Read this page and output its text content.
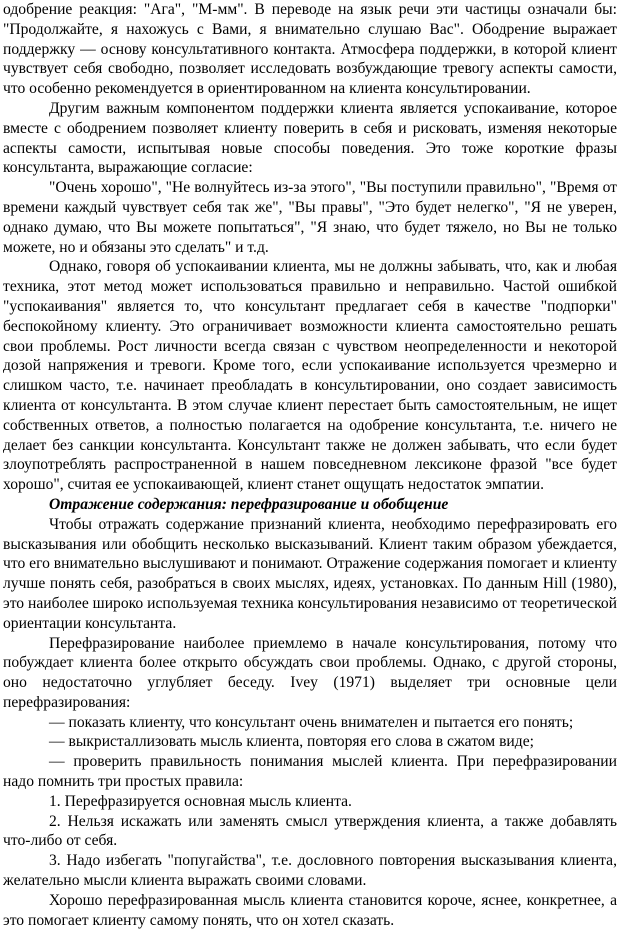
одобрение реакция: "Ага", "М-мм". В переводе на язык речи эти частицы означали бы: "Продолжайте, я нахожусь с Вами, я внимательно слушаю Вас". Ободрение выражает поддержку — основу консультативного контакта. Атмосфера поддержки, в которой клиент чувствует себя свободно, позволяет исследовать возбуждающие тревогу аспекты самости, что особенно рекомендуется в ориентированном на клиента консультировании.

Другим важным компонентом поддержки клиента является успокаивание, которое вместе с ободрением позволяет клиенту поверить в себя и рисковать, изменяя некоторые аспекты самости, испытывая новые способы поведения. Это тоже короткие фразы консультанта, выражающие согласие:

"Очень хорошо", "Не волнуйтесь из-за этого", "Вы поступили правильно", "Время от времени каждый чувствует себя так же", "Вы правы", "Это будет нелегко", "Я не уверен, однако думаю, что Вы можете попытаться", "Я знаю, что будет тяжело, но Вы не только можете, но и обязаны это сделать" и т.д.

Однако, говоря об успокаивании клиента, мы не должны забывать, что, как и любая техника, этот метод может использоваться правильно и неправильно. Частой ошибкой "успокаивания" является то, что консультант предлагает себя в качестве "подпорки" беспокойному клиенту. Это ограничивает возможности клиента самостоятельно решать свои проблемы. Рост личности всегда связан с чувством неопределенности и некоторой дозой напряжения и тревоги. Кроме того, если успокаивание используется чрезмерно и слишком часто, т.е. начинает преобладать в консультировании, оно создает зависимость клиента от консультанта. В этом случае клиент перестает быть самостоятельным, не ищет собственных ответов, а полностью полагается на одобрение консультанта, т.е. ничего не делает без санкции консультанта. Консультант также не должен забывать, что если будет злоупотреблять распространенной в нашем повседневном лексиконе фразой "все будет хорошо", считая ее успокаивающей, клиент станет ощущать недостаток эмпатии.

Отражение содержания: перефразирование и обобщение

Чтобы отражать содержание признаний клиента, необходимо перефразировать его высказывания или обобщить несколько высказываний. Клиент таким образом убеждается, что его внимательно выслушивают и понимают. Отражение содержания помогает и клиенту лучше понять себя, разобраться в своих мыслях, идеях, установках. По данным Hill (1980), это наиболее широко используемая техника консультирования независимо от теоретической ориентации консультанта.

Перефразирование наиболее приемлемо в начале консультирования, потому что побуждает клиента более открыто обсуждать свои проблемы. Однако, с другой стороны, оно недостаточно углубляет беседу. Ivey (1971) выделяет три основные цели перефразирования:

— показать клиенту, что консультант очень внимателен и пытается его понять;

— выкристаллизовать мысль клиента, повторяя его слова в сжатом виде;

— проверить правильность понимания мыслей клиента. При перефразировании надо помнить три простых правила:

1. Перефразируется основная мысль клиента.

2. Нельзя искажать или заменять смысл утверждения клиента, а также добавлять что-либо от себя.

3. Надо избегать "попугайства", т.е. дословного повторения высказывания клиента, желательно мысли клиента выражать своими словами.

Хорошо перефразированная мысль клиента становится короче, яснее, конкретнее, а это помогает клиенту самому понять, что он хотел сказать.
